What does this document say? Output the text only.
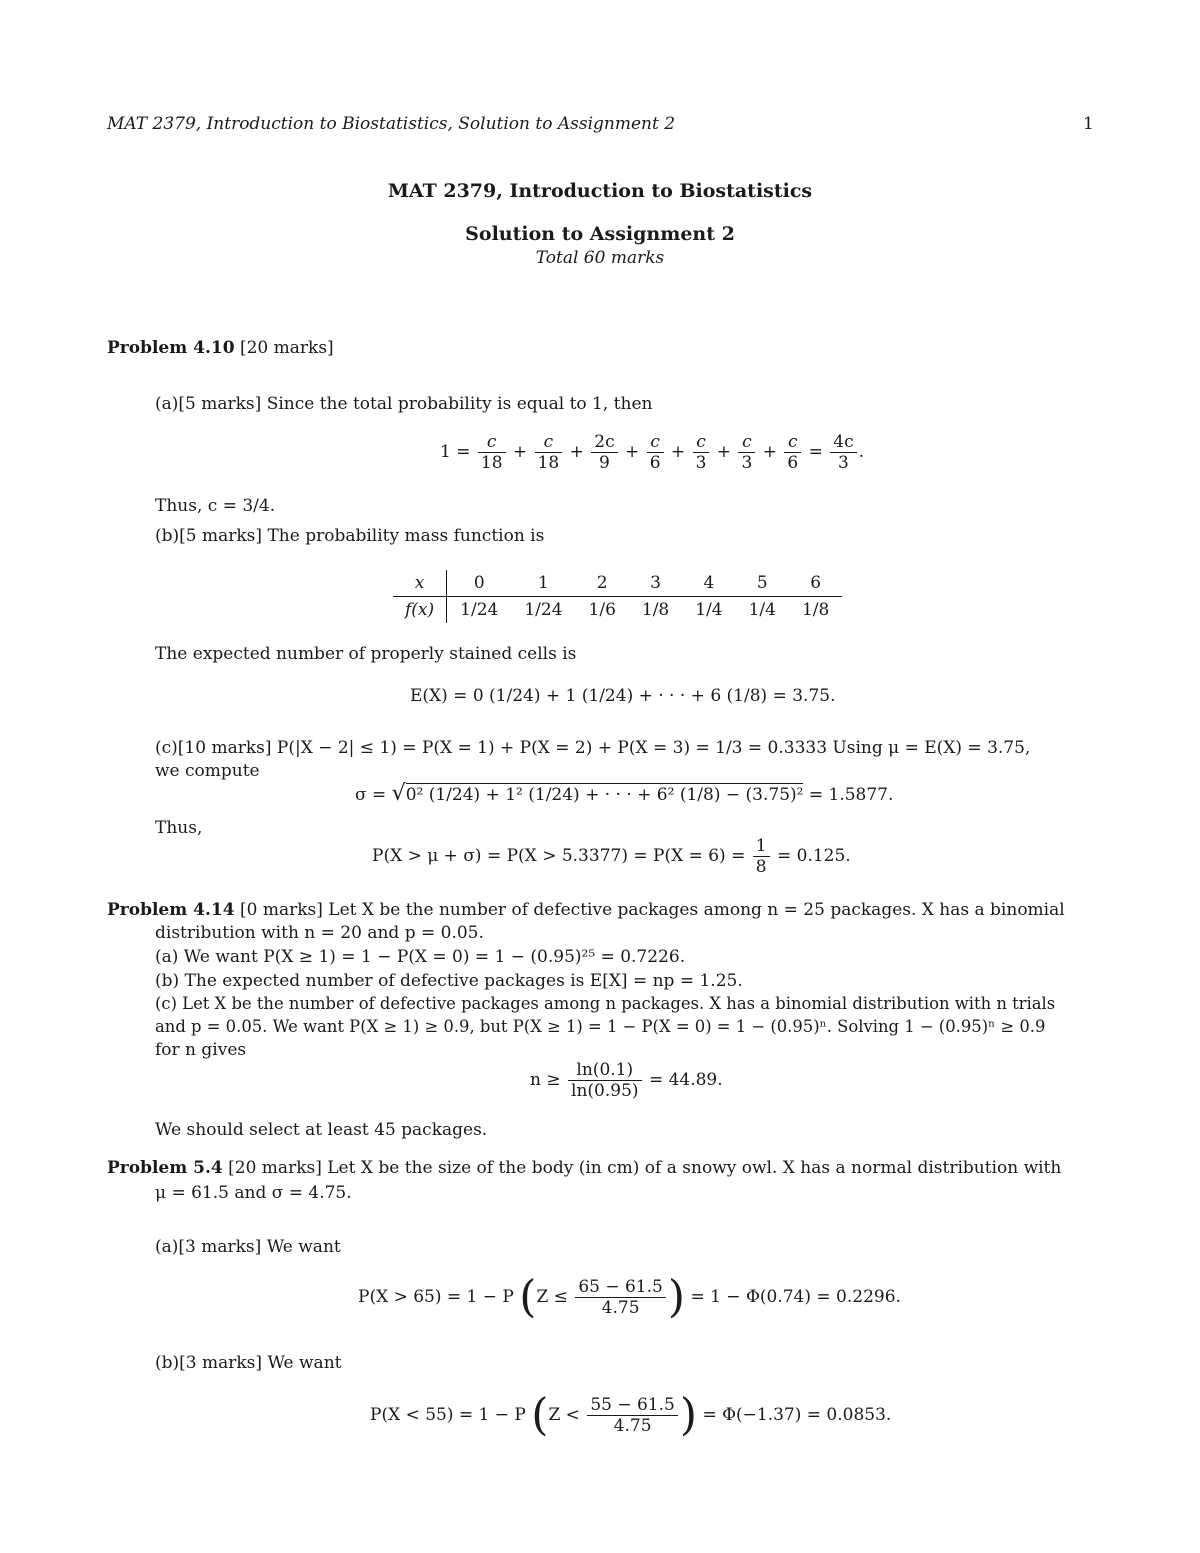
MAT 2379, Introduction to Biostatistics, Solution to Assignment 2	1
MAT 2379, Introduction to Biostatistics
Solution to Assignment 2
Total 60 marks
Problem 4.10 [20 marks]
(a)[5 marks] Since the total probability is equal to 1, then
$1 = \frac{c}{18} + \frac{c}{18} + \frac{2c}{9} + \frac{c}{6} + \frac{c}{3} + \frac{c}{3} + \frac{c}{6} = \frac{4c}{3}$ .
Thus, c = 3/4.
(b)[5 marks] The probability mass function is
x	0	1	2	3	4	5	6
f(x)	1/24	1/24	1/6	1/8	1/4	1/4	1/8
The expected number of properly stained cells is
E(X) = 0 (1/24) + 1 (1/24) + · · · + 6 (1/8) = 3.75.
(c)[10 marks] P(|X − 2| ≤ 1) = P(X = 1) + P(X = 2) + P(X = 3) = 1/3 = 0.3333 Using μ = E(X) = 3.75,
we compute
σ = √0² (1/24) + 1² (1/24) + · · · + 6² (1/8) − (3.75)² = 1.5877.
Thus,
$P(X > \mu + \sigma) = P(X > 5.3377) = P(X = 6) = \frac{1}{8} = 0.125$.
Problem 4.14 [0 marks] Let X be the number of defective packages among n = 25 packages. X has a binomial
distribution with n = 20 and p = 0.05.
(a) We want P(X ≥ 1) = 1 − P(X = 0) = 1 − (0.95)²⁵ = 0.7226.
(b) The expected number of defective packages is E[X] = np = 1.25.
(c) Let X be the number of defective packages among n packages. X has a binomial distribution with n trials
and p = 0.05. We want P(X ≥ 1) ≥ 0.9, but P(X ≥ 1) = 1 − P(X = 0) = 1 − (0.95)ⁿ. Solving 1 − (0.95)ⁿ ≥ 0.9
for n gives
$n \ge \frac{\ln(0.1)}{\ln(0.95)} = 44.89$.
We should select at least 45 packages.
Problem 5.4 [20 marks] Let X be the size of the body (in cm) of a snowy owl. X has a normal distribution with
μ = 61.5 and σ = 4.75.
(a)[3 marks] We want
P(X > 65) = 1 − P ($Z \le \frac{65 - 61.5}{4.75}$ ) = 1 − Φ(0.74) = 0.2296.
(b)[3 marks] We want
P(X < 55) = 1 − P ($Z < \frac{55 - 61.5}{4.75}$ ) = Φ(−1.37) = 0.0853.
